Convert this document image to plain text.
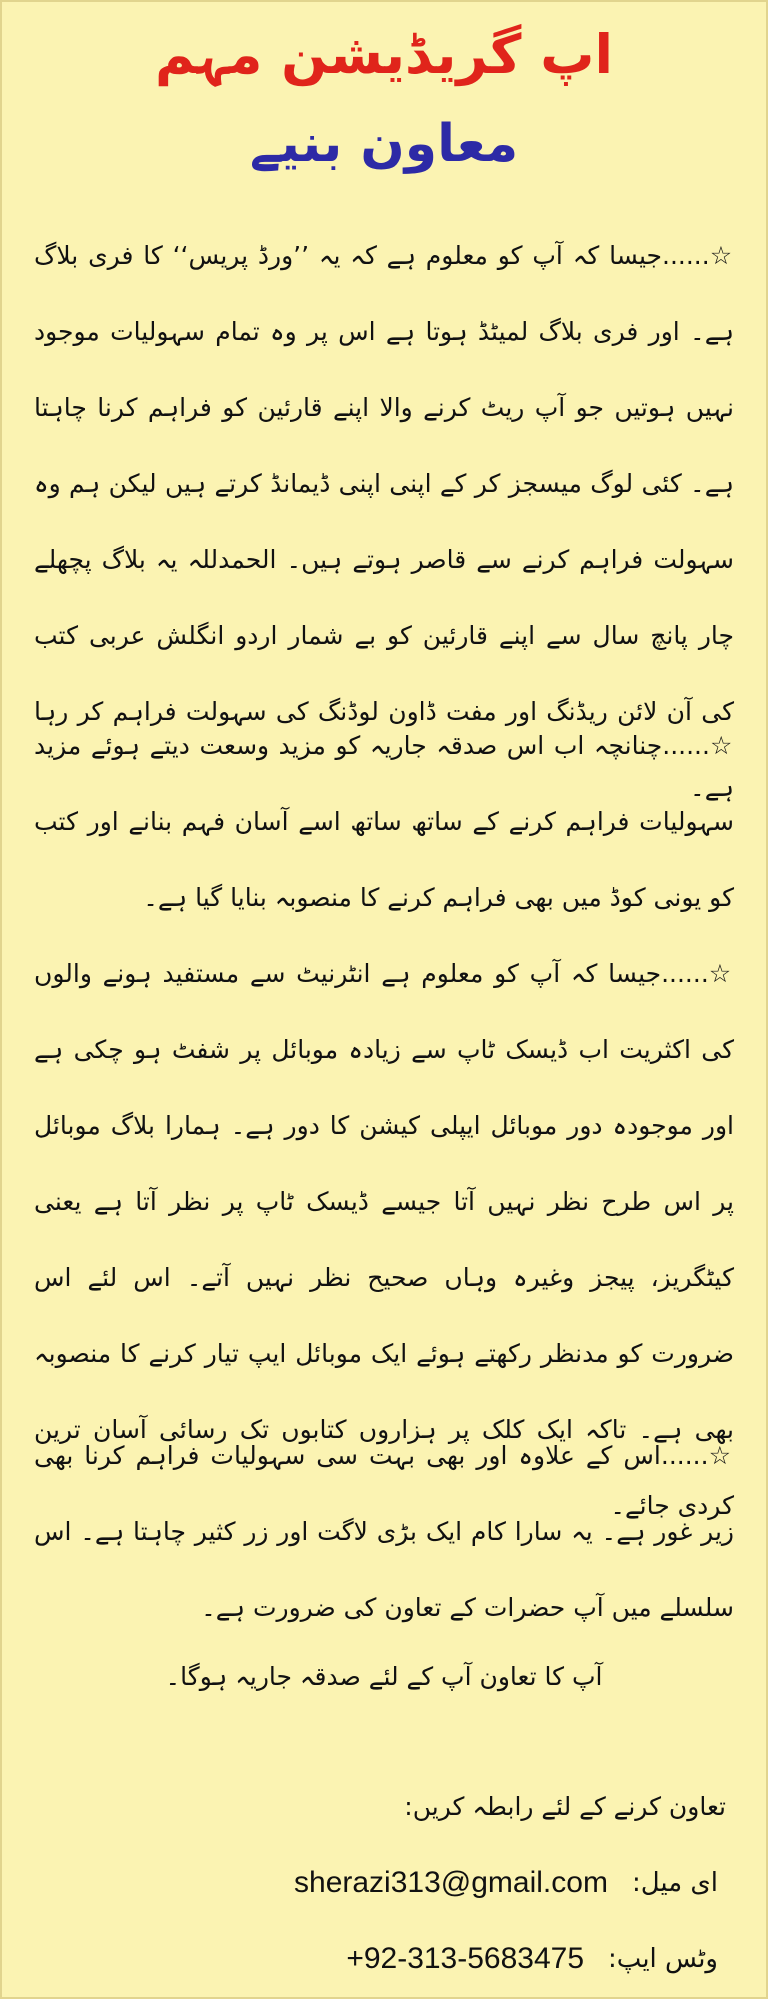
اپ گریڈیشن مہم
معاون بنیے
☆......جیسا کہ آپ کو معلوم ہے کہ یہ ’’ورڈ پریس‘‘ کا فری بلاگ ہے۔ اور فری بلاگ لمیٹڈ ہوتا ہے اس پر وہ تمام سہولیات موجود نہیں ہوتیں جو آپ ریٹ کرنے والا اپنے قارئین کو فراہم کرنا چاہتا ہے۔ کئی لوگ میسجز کر کے اپنی اپنی ڈیمانڈ کرتے ہیں لیکن ہم وہ سہولت فراہم کرنے سے قاصر ہوتے ہیں۔ الحمدللہ یہ بلاگ پچھلے چار پانچ سال سے اپنے قارئین کو بے شمار اردو انگلش عربی کتب کی آن لائن ریڈنگ اور مفت ڈاون لوڈنگ کی سہولت فراہم کر رہا ہے۔
☆......چنانچہ اب اس صدقہ جاریہ کو مزید وسعت دیتے ہوئے مزید سہولیات فراہم کرنے کے ساتھ ساتھ اسے آسان فہم بنانے اور کتب کو یونی کوڈ میں بھی فراہم کرنے کا منصوبہ بنایا گیا ہے۔
☆......جیسا کہ آپ کو معلوم ہے انٹرنیٹ سے مستفید ہونے والوں کی اکثریت اب ڈیسک ٹاپ سے زیادہ موبائل پر شفٹ ہو چکی ہے اور موجودہ دور موبائل ایپلی کیشن کا دور ہے۔ ہمارا بلاگ موبائل پر اس طرح نظر نہیں آتا جیسے ڈیسک ٹاپ پر نظر آتا ہے یعنی کیٹگریز، پیجز وغیرہ وہاں صحیح نظر نہیں آتے۔ اس لئے اس ضرورت کو مدنظر رکھتے ہوئے ایک موبائل ایپ تیار کرنے کا منصوبہ بھی ہے۔ تاکہ ایک کلک پر ہزاروں کتابوں تک رسائی آسان ترین کردی جائے۔
☆......اس کے علاوہ اور بھی بہت سی سہولیات فراہم کرنا بھی زیر غور ہے۔ یہ سارا کام ایک بڑی لاگت اور زر کثیر چاہتا ہے۔ اس سلسلے میں آپ حضرات کے تعاون کی ضرورت ہے۔
آپ کا تعاون آپ کے لئے صدقہ جاریہ ہوگا۔
تعاون کرنے کے لئے رابطہ کریں:
ای میل:
sherazi313@gmail.com
وٹس ایپ:
+92-313-5683475
